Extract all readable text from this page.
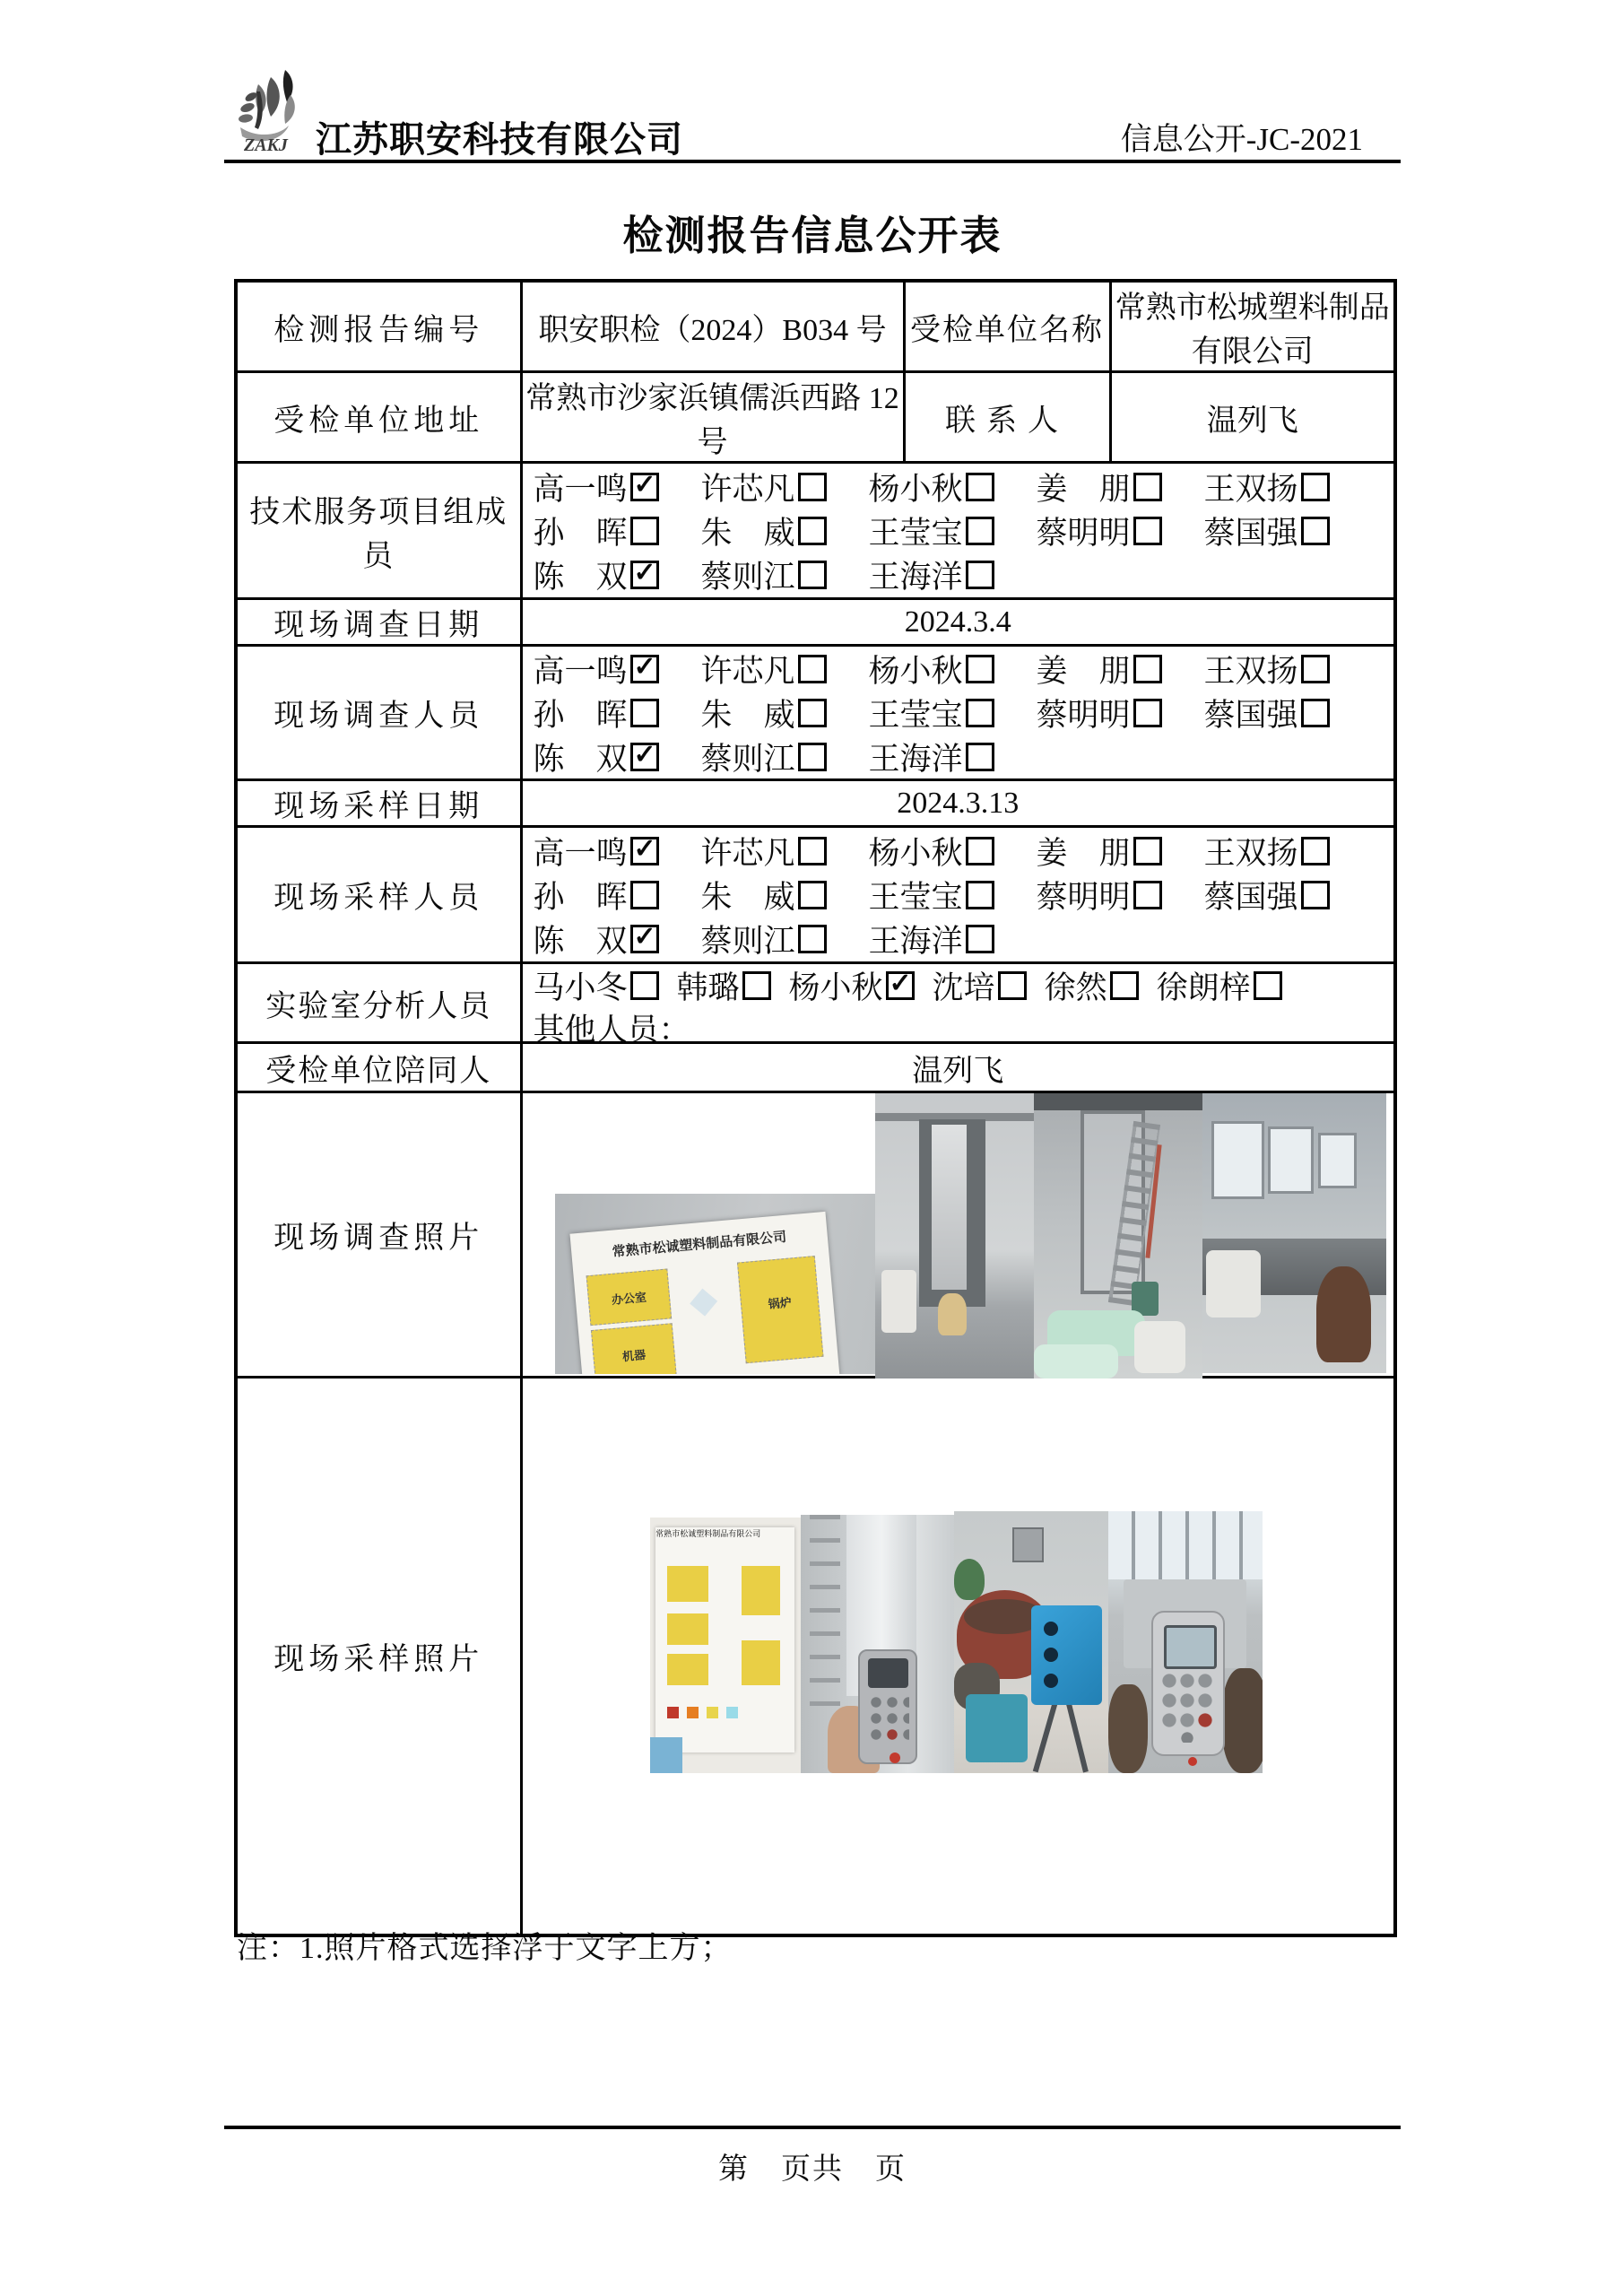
ZAKJ 江苏职安科技有限公司	信息公开-JC-2021
检测报告信息公开表
检测报告编号	职安职检（2024）B034 号	受检单位名称	常熟市松城塑料制品有限公司
受检单位地址	常熟市沙家浜镇儒浜西路 12 号	联系人	温列飞
技术服务项目组成员	
高一鸣 ✓ 许芯凡 杨小秋 姜　朋 王双扬
孙　晖 朱　威 王莹宝 蔡明明 蔡国强
陈　双 ✓ 蔡则江 王海洋

现场调查日期	2024.3.4		
现场调查人员	
高一鸣 ✓ 许芯凡 杨小秋 姜　朋 王双扬
孙　晖 朱　威 王莹宝 蔡明明 蔡国强
陈　双 ✓ 蔡则江 王海洋

现场采样日期	2024.3.13		
现场采样人员	
高一鸣 ✓ 许芯凡 杨小秋 姜　朋 王双扬
孙　晖 朱　威 王莹宝 蔡明明 蔡国强
陈　双 ✓ 蔡则江 王海洋

实验室分析人员	
马小冬 韩璐 杨小秋 ✓ 沈培 徐然 徐朗梓
其他人员：

受检单位陪同人	温列飞		
现场调查照片	常熟市松诚塑料制品有限公司
办公室
机器
锅炉		

现场采样照片	常熟市松诚塑料制品有限公司		
注：1.照片格式选择浮于文字上方；
第　页共　页
